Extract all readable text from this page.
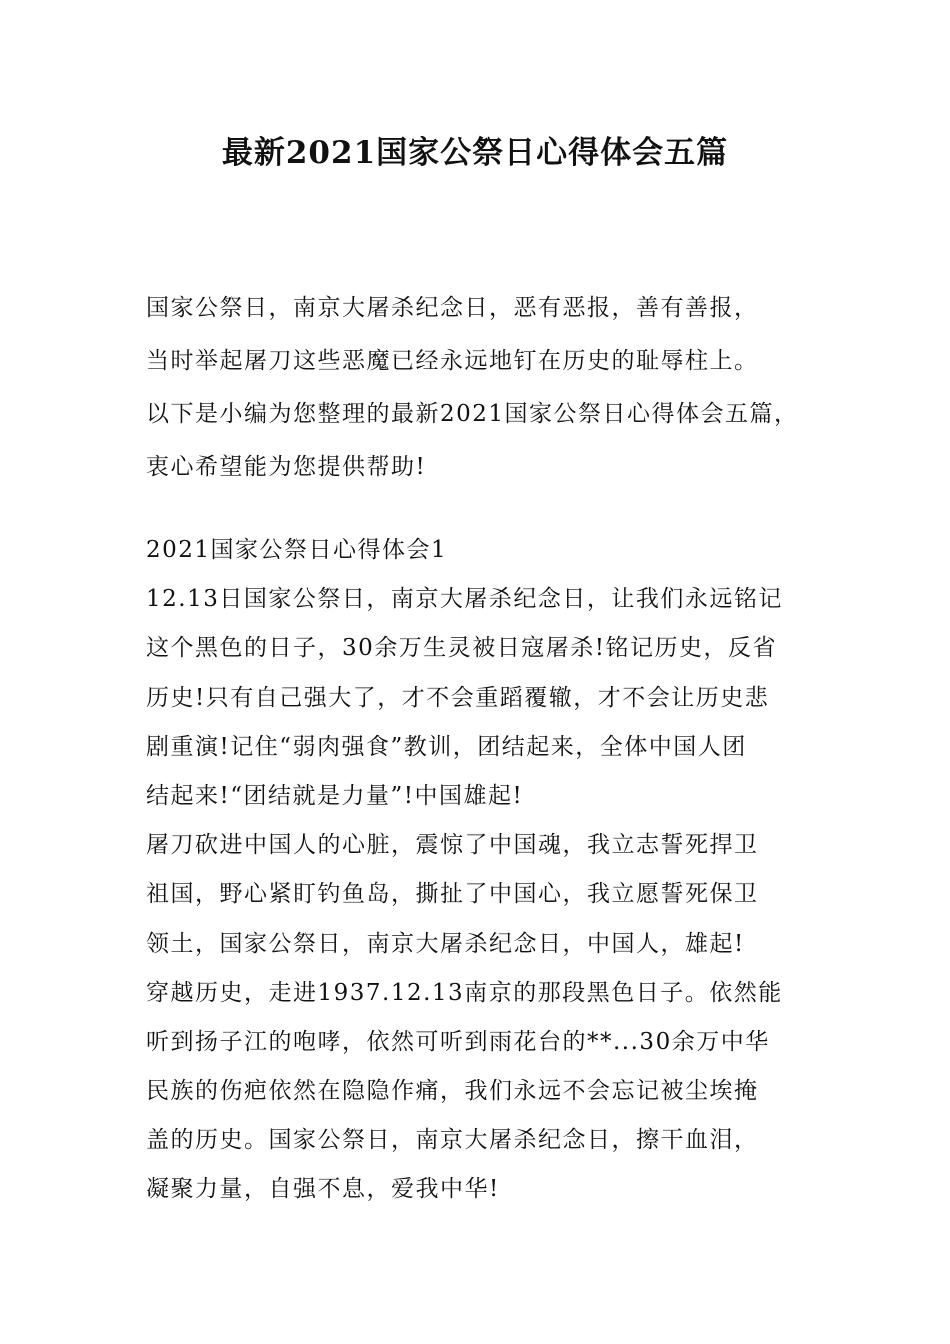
最新2021国家公祭日心得体会五篇
国家公祭日，南京大屠杀纪念日，恶有恶报，善有善报，
当时举起屠刀这些恶魔已经永远地钉在历史的耻辱柱上。
以下是小编为您整理的最新2021国家公祭日心得体会五篇，
衷心希望能为您提供帮助!
2021国家公祭日心得体会1
12.13日国家公祭日，南京大屠杀纪念日，让我们永远铭记
这个黑色的日子，30余万生灵被日寇屠杀!铭记历史，反省
历史!只有自己强大了，才不会重蹈覆辙，才不会让历史悲
剧重演!记住“弱肉强食”教训，团结起来，全体中国人团
结起来!“团结就是力量”!中国雄起!
屠刀砍进中国人的心脏，震惊了中国魂，我立志誓死捍卫
祖国，野心紧盯钓鱼岛，撕扯了中国心，我立愿誓死保卫
领土，国家公祭日，南京大屠杀纪念日，中国人，雄起!
穿越历史，走进1937.12.13南京的那段黑色日子。依然能
听到扬子江的咆哮，依然可听到雨花台的**...30余万中华
民族的伤疤依然在隐隐作痛，我们永远不会忘记被尘埃掩
盖的历史。国家公祭日，南京大屠杀纪念日，擦干血泪，
凝聚力量，自强不息，爱我中华!
